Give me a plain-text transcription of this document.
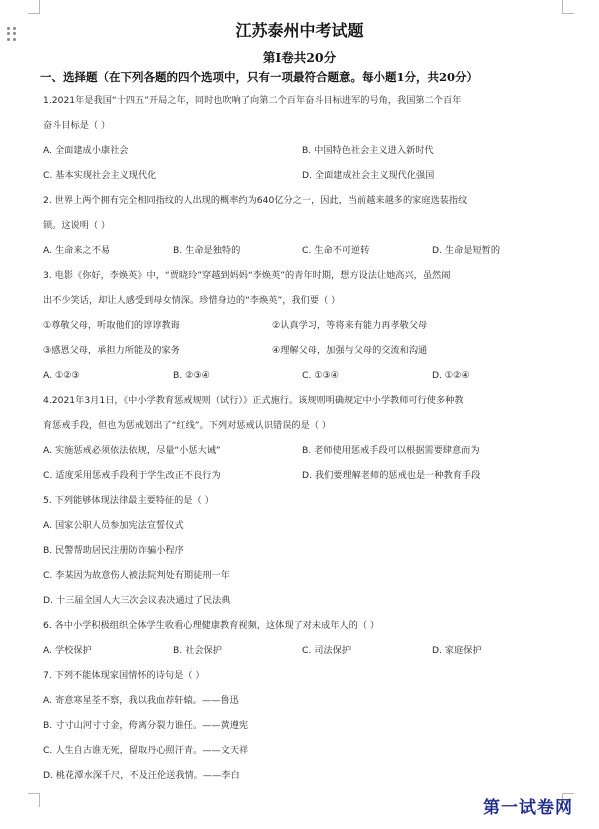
江苏泰州中考试题
第Ⅰ卷共20分
一、选择题（在下列各题的四个选项中，只有一项最符合题意。每小题1分，共20分）
1.2021年是我国“十四五”开局之年，同时也吹响了向第二个百年奋斗目标进军的号角，我国第二个百年
奋斗目标是（ ）
A. 全面建成小康社会	B. 中国特色社会主义进入新时代
C. 基本实现社会主义现代化	D. 全面建成社会主义现代化强国
2. 世界上两个拥有完全相同指纹的人出现的概率约为640亿分之一，因此，当前越来越多的家庭选装指纹
锁。这说明（ ）
A. 生命来之不易	B. 生命是独特的	C. 生命不可逆转	D. 生命是短暂的
3. 电影《你好，李焕英》中，“贾晓玲”穿越到妈妈“李焕英”的青年时期，想方设法让她高兴，虽然闹
出不少笑话，却让人感受到母女情深。珍惜身边的“李焕英”，我们要（ ）
①尊敬父母，听取他们的谆谆教诲	②认真学习，等将来有能力再孝敬父母
③感恩父母，承担力所能及的家务	④理解父母，加强与父母的交流和沟通
A. ①②③	B. ②③④	C. ①③④	D. ①②④
4.2021年3月1日，《中小学教育惩戒规则（试行）》正式施行。该规则明确规定中小学教师可行使多种教
育惩戒手段，但也为惩戒划出了“红线”。下列对惩戒认识错误的是（ ）
A. 实施惩戒必须依法依规，尽量“小惩大诫”	B. 老师使用惩戒手段可以根据需要肆意而为
C. 适度采用惩戒手段利于学生改正不良行为	D. 我们要理解老师的惩戒也是一种教育手段
5. 下列能够体现法律最主要特征的是（ ）
A. 国家公职人员参加宪法宣誓仪式
B. 民警帮助居民注册防诈骗小程序
C. 李某因为故意伤人被法院判处有期徒刑一年
D. 十三届全国人大三次会议表决通过了民法典
6. 各中小学积极组织全体学生收看心理健康教育视频，这体现了对未成年人的（ ）
A. 学校保护	B. 社会保护	C. 司法保护	D. 家庭保护
7. 下列不能体现家国情怀的诗句是（ ）
A. 寄意寒星荃不察，我以我血荐轩辕。——鲁迅
B. 寸寸山河寸寸金，侉离分裂力谁任。——黄遵宪
C. 人生自古谁无死，留取丹心照汗青。——文天祥
D. 桃花潭水深千尺，不及汪伦送我情。——李白
第一试卷网
